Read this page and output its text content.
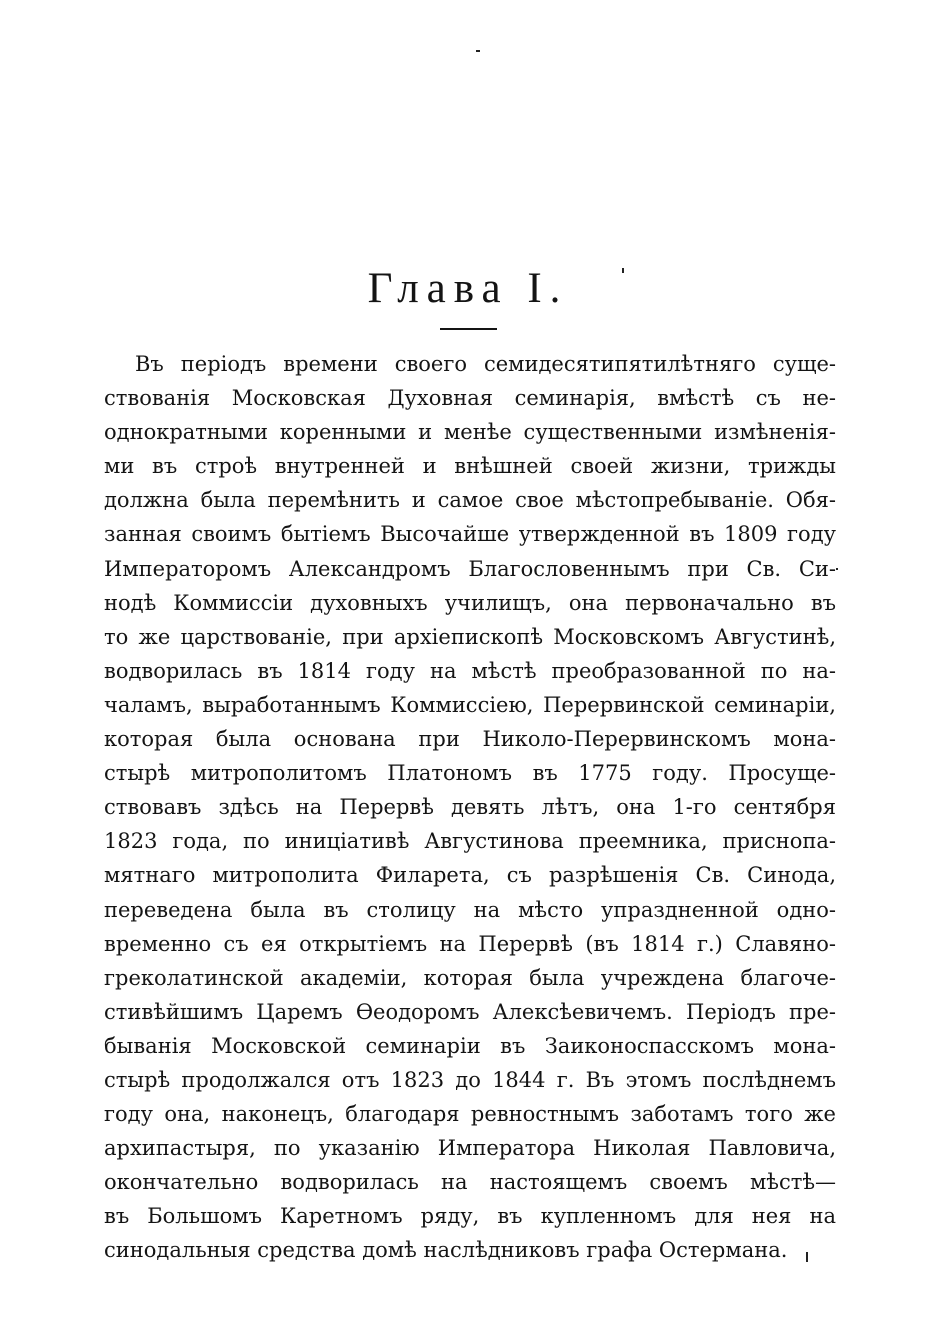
Глава I.
Въ періодъ времени своего семидесятипятилѣтняго суще-
ствованія Московская Духовная семинарія, вмѣстѣ съ не-
однократными коренными и менѣе существенными измѣненія-
ми въ строѣ внутренней и внѣшней своей жизни, трижды
должна была перемѣнить и самое свое мѣстопребываніе. Обя-
занная своимъ бытіемъ Высочайше утвержденной въ 1809 году
Императоромъ Александромъ Благословеннымъ при Св. Си-
нодѣ Коммиссіи духовныхъ училищъ, она первоначально въ
то же царствованіе, при архіепископѣ Московскомъ Августинѣ,
водворилась въ 1814 году на мѣстѣ преобразованной по на-
чаламъ, выработаннымъ Коммиссіею, Перервинской семинаріи,
которая была основана при Николо-Перервинскомъ мона-
стырѣ митрополитомъ Платономъ въ 1775 году. Просуще-
ствовавъ здѣсь на Перервѣ девять лѣтъ, она 1-го сентября
1823 года, по иниціативѣ Августинова преемника, приснопа-
мятнаго митрополита Филарета, съ разрѣшенія Св. Синода,
переведена была въ столицу на мѣсто упраздненной одно-
временно съ ея открытіемъ на Перервѣ (въ 1814 г.) Славяно-
греколатинской академіи, которая была учреждена благоче-
стивѣйшимъ Царемъ Ѳеодоромъ Алексѣевичемъ. Періодъ пре-
быванія Московской семинаріи въ Заиконоспасскомъ мона-
стырѣ продолжался отъ 1823 до 1844 г. Въ этомъ послѣднемъ
году она, наконецъ, благодаря ревностнымъ заботамъ того же
архипастыря, по указанію Императора Николая Павловича,
окончательно водворилась на настоящемъ своемъ мѣстѣ—
въ Большомъ Каретномъ ряду, въ купленномъ для нея на
синодальныя средства домѣ наслѣдниковъ графа Остермана.
